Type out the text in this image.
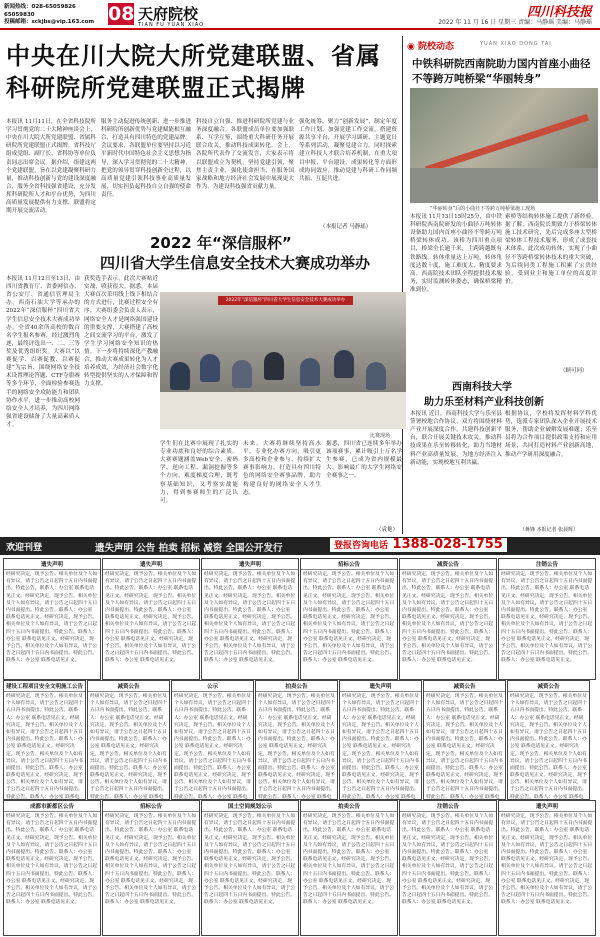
新闻热线：028-65059826 65059830
投稿邮箱：sckjbs@vip.163.com 08 天府院校
TIAN FU YUAN XIAO
四川科技报
2022 年 11 月 16 日 星期三 责编：马静瑶 美编：马静瑶
中央在川大院大所党建联盟、省属
科研院所党建联盟正式揭牌
本报讯 11月11日，在全省科技院所学习贯彻党的二十大精神座谈会上，中央在川大院大所党建联盟、省属科研院所党建联盟正式揭牌。省科技厅组成党组、副厅长、省科协等单位负责同志出席会议。据介绍，组建这两个党建联盟，旨在以党建凝聚科研力量，推动科技创新与党的建设深度融合，服务全省科技强省建设，充分发挥科研院所人才和平台优势，为四川高质量发展提供有力支撑，联盟将定期开展交流活动。
服务主动促进传统创新、进一步推进科研院所创新优势与党建赋能相互融合，打造具有四川特色的党建品牌。会议要求，各联盟单位要坚持以习近平新时代中国特色社会主义思想为指导，深入学习贯彻党的二十大精神，把党的领导贯穿科技创新全过程，以高质量党建引领科技事业高质量发展，切实担负起科技自立自强的使命责任。
科技自立自强、推进科研院所党建与业务深度融合。各联盟成员单位要加强联系、互学互鉴，围绕重大科研任务开展联合攻关，推动科技成果转化。会上，各院所代表作了交流发言，大家表示将以联盟成立为契机，坚持党建引领，聚焦主责主业，强化使命担当，在服务国家战略和地方经济社会发展中展现更大作为，为建设科技强省贡献力量。
强化统筹、聚力“创新发展”，制定年度工作计划，加强党建工作交流，搭建资源共享平台，开展学习调研、主题党日等系列活动，凝聚党建合力。同时探索建立科技人才联合培养机制，在重大项目申报、平台建设、成果转化等方面形成协同效应，推动党建与科研工作同频共振、互促共进。
（本报记者 马静瑶）
◉ 院校动态	YUAN XIAO DONG TAI
中铁科研院西南院助力国内首座小曲径不等跨万吨桥梁“华丽转身”
“华丽转身”后的小曲径不等跨万吨桥梁施工现场
本报讯 11月13日15时25分，由中铁科研院西南院研发的小曲径万吨转体设备助力国内首座小曲径不等跨万吨桥梁转体成功。该桥为四川重点项目，桥梁全长逾千米，主跨跨越既有铁路线。转体重量达上万吨，转体角度达数十度，施工难度大、精度要求高。西南院技术团队全程提供技术服务，实时监测转体姿态，确保桥梁精准到位。
索桥等结构转体施工提供了新经验。据了解，西南院长期致力于桥梁转体施工技术研究，先后完成多座大型桥梁转体工程技术服务，形成了成套技术体系。此次成功转体，实现了小曲径不等跨桥梁转体技术的重大突破，为后续同类工程施工积累了宝贵经验，受到业主和施工单位的高度评价。
（顾可同）
2022 年“深信服杯”
四川省大学生信息安全技术大赛成功举办
本报讯 11月12日至13日，由四川省教育厅、省委网信办、省公安厅、省通信管理局主办，西南石油大学等承办的2022年“深信服杯”四川省大学生信息安全技术大赛成功举办。全省40余所高校的数百名学生报名参赛，经过激烈角逐，最终评选出一、二、三等奖及优秀组织奖。大赛以“以赛促学、以赛促教、以赛促建”为宗旨，围绕网络安全技术设置理论答题、CTF夺旗赛等多个环节，全面检验参赛选手的网络安全攻防能力和团队协作水平，进一步推动高校网络安全人才培养，为四川网络强省建设储备了大量高素质人才。
获奖选手表示，此次大赛贴近实战，收获很大。据悉，本届大赛首次采用线上线下相结合的方式进行，比赛过程安全有序。大赛组委会负责人表示，网络安全人才是网络强国建设的重要支撑，大赛搭建了高校之间交流学习的平台，激发了学生学习网络安全知识的热情。下一步将持续深化产教融合，推动大赛成果转化为人才培养成效，为经济社会数字化转型提供坚实的人才保障和智力支撑。
2022年“深信服杯”四川省大学生信息安全技术大赛成功举办
比赛现场
学生们在比赛中展现了扎实的专业功底和良好的综合素质。大赛赛题涵盖Web安全、密码学、逆向工程、漏洞挖掘等多个方向，难度梯度合理，既考察基础知识，又考察实战能力，得到参赛师生的广泛认可。
未来，大赛将继续坚持高水平、专业化办赛方向，吸引更多高校和企业参与，持续扩大赛事影响力，打造具有四川特色的网络安全赛事品牌，助力构建良好的网络安全人才生态。
据悉，四川省已连续多年举办该项赛事，累计吸引上万名学生参赛，已成为省内规模最大、影响最广的大学生网络安全赛事之一。
（袁艳）
西南科技大学
助力乐至材料产业科技创新
本报讯 近日，西南科技大学与乐至县签署校地合作协议，双方将围绕材料产业开展深度合作，共建科技创新平台，联合开展关键技术攻关，推动科技成果在乐至转移转化，助力当地材料产业高质量发展，为地方经济注入新动能，实现校地互利共赢。
根据协议，学校将发挥材料学科优势，选派专家团队深入企业开展技术服务，帮助企业破解发展难题；乐至县将为合作项目提供政策支持和应用场景，共同打造材料产业创新高地，推动产学研用深度融合。
（蒋锋 本报记者 张晨辉）
欢迎刊登	遗失声明 公告 拍卖 招标 减资 全国公开发行	登报咨询电话 1388-028-1755
遗失声明
经研究决定，现予公告。相关单位及个人如有异议，请于公告之日起四十五日内书面提出。特此公告。联系人：办公室 联系电话见正文。经研究决定，现予公告。相关单位及个人如有异议，请于公告之日起四十五日内书面提出。特此公告。联系人：办公室 联系电话见正文。经研究决定，现予公告。相关单位及个人如有异议，请于公告之日起四十五日内书面提出。特此公告。联系人：办公室 联系电话见正文。经研究决定，现予公告。相关单位及个人如有异议，请于公告之日起四十五日内书面提出。特此公告。联系人：办公室 联系电话见正文。
遗失声明
经研究决定，现予公告。相关单位及个人如有异议，请于公告之日起四十五日内书面提出。特此公告。联系人：办公室 联系电话见正文。经研究决定，现予公告。相关单位及个人如有异议，请于公告之日起四十五日内书面提出。特此公告。联系人：办公室 联系电话见正文。经研究决定，现予公告。相关单位及个人如有异议，请于公告之日起四十五日内书面提出。特此公告。联系人：办公室 联系电话见正文。经研究决定，现予公告。相关单位及个人如有异议，请于公告之日起四十五日内书面提出。特此公告。联系人：办公室 联系电话见正文。
遗失声明
经研究决定，现予公告。相关单位及个人如有异议，请于公告之日起四十五日内书面提出。特此公告。联系人：办公室 联系电话见正文。经研究决定，现予公告。相关单位及个人如有异议，请于公告之日起四十五日内书面提出。特此公告。联系人：办公室 联系电话见正文。经研究决定，现予公告。相关单位及个人如有异议，请于公告之日起四十五日内书面提出。特此公告。联系人：办公室 联系电话见正文。经研究决定，现予公告。相关单位及个人如有异议，请于公告之日起四十五日内书面提出。特此公告。联系人：办公室 联系电话见正文。
招标公告
经研究决定，现予公告。相关单位及个人如有异议，请于公告之日起四十五日内书面提出。特此公告。联系人：办公室 联系电话见正文。经研究决定，现予公告。相关单位及个人如有异议，请于公告之日起四十五日内书面提出。特此公告。联系人：办公室 联系电话见正文。经研究决定，现予公告。相关单位及个人如有异议，请于公告之日起四十五日内书面提出。特此公告。联系人：办公室 联系电话见正文。经研究决定，现予公告。相关单位及个人如有异议，请于公告之日起四十五日内书面提出。特此公告。联系人：办公室 联系电话见正文。
减资公告
经研究决定，现予公告。相关单位及个人如有异议，请于公告之日起四十五日内书面提出。特此公告。联系人：办公室 联系电话见正文。经研究决定，现予公告。相关单位及个人如有异议，请于公告之日起四十五日内书面提出。特此公告。联系人：办公室 联系电话见正文。经研究决定，现予公告。相关单位及个人如有异议，请于公告之日起四十五日内书面提出。特此公告。联系人：办公室 联系电话见正文。经研究决定，现予公告。相关单位及个人如有异议，请于公告之日起四十五日内书面提出。特此公告。联系人：办公室 联系电话见正文。
注销公告
经研究决定，现予公告。相关单位及个人如有异议，请于公告之日起四十五日内书面提出。特此公告。联系人：办公室 联系电话见正文。经研究决定，现予公告。相关单位及个人如有异议，请于公告之日起四十五日内书面提出。特此公告。联系人：办公室 联系电话见正文。经研究决定，现予公告。相关单位及个人如有异议，请于公告之日起四十五日内书面提出。特此公告。联系人：办公室 联系电话见正文。经研究决定，现予公告。相关单位及个人如有异议，请于公告之日起四十五日内书面提出。特此公告。联系人：办公室 联系电话见正文。
建设工程项目安全文明施工公告
经研究决定，现予公告。相关单位及个人如有异议，请于公告之日起四十五日内书面提出。特此公告。联系人：办公室 联系电话见正文。经研究决定，现予公告。相关单位及个人如有异议，请于公告之日起四十五日内书面提出。特此公告。联系人：办公室 联系电话见正文。经研究决定，现予公告。相关单位及个人如有异议，请于公告之日起四十五日内书面提出。特此公告。联系人：办公室 联系电话见正文。经研究决定，现予公告。相关单位及个人如有异议，请于公告之日起四十五日内书面提出。特此公告。联系人：办公室 联系电
减资公告
经研究决定，现予公告。相关单位及个人如有异议，请于公告之日起四十五日内书面提出。特此公告。联系人：办公室 联系电话见正文。经研究决定，现予公告。相关单位及个人如有异议，请于公告之日起四十五日内书面提出。特此公告。联系人：办公室 联系电话见正文。经研究决定，现予公告。相关单位及个人如有异议，请于公告之日起四十五日内书面提出。特此公告。联系人：办公室 联系电话见正文。经研究决定，现予公告。相关单位及个人如有异议，请于公告之日起四十五日内书面提出。特此公告。联系人：办公室 联系电
公示
经研究决定，现予公告。相关单位及个人如有异议，请于公告之日起四十五日内书面提出。特此公告。联系人：办公室 联系电话见正文。经研究决定，现予公告。相关单位及个人如有异议，请于公告之日起四十五日内书面提出。特此公告。联系人：办公室 联系电话见正文。经研究决定，现予公告。相关单位及个人如有异议，请于公告之日起四十五日内书面提出。特此公告。联系人：办公室 联系电话见正文。经研究决定，现予公告。相关单位及个人如有异议，请于公告之日起四十五日内书面提出。特此公告。联系人：办公室 联系电
拍卖公告
经研究决定，现予公告。相关单位及个人如有异议，请于公告之日起四十五日内书面提出。特此公告。联系人：办公室 联系电话见正文。经研究决定，现予公告。相关单位及个人如有异议，请于公告之日起四十五日内书面提出。特此公告。联系人：办公室 联系电话见正文。经研究决定，现予公告。相关单位及个人如有异议，请于公告之日起四十五日内书面提出。特此公告。联系人：办公室 联系电话见正文。经研究决定，现予公告。相关单位及个人如有异议，请于公告之日起四十五日内书面提出。特此公告。联系人：办公室 联系电
遗失声明
经研究决定，现予公告。相关单位及个人如有异议，请于公告之日起四十五日内书面提出。特此公告。联系人：办公室 联系电话见正文。经研究决定，现予公告。相关单位及个人如有异议，请于公告之日起四十五日内书面提出。特此公告。联系人：办公室 联系电话见正文。经研究决定，现予公告。相关单位及个人如有异议，请于公告之日起四十五日内书面提出。特此公告。联系人：办公室 联系电话见正文。经研究决定，现予公告。相关单位及个人如有异议，请于公告之日起四十五日内书面提出。特此公告。联系人：办公室 联系电
减资公告
经研究决定，现予公告。相关单位及个人如有异议，请于公告之日起四十五日内书面提出。特此公告。联系人：办公室 联系电话见正文。经研究决定，现予公告。相关单位及个人如有异议，请于公告之日起四十五日内书面提出。特此公告。联系人：办公室 联系电话见正文。经研究决定，现予公告。相关单位及个人如有异议，请于公告之日起四十五日内书面提出。特此公告。联系人：办公室 联系电话见正文。经研究决定，现予公告。相关单位及个人如有异议，请于公告之日起四十五日内书面提出。特此公告。联系人：办公室 联系电
减资公告
经研究决定，现予公告。相关单位及个人如有异议，请于公告之日起四十五日内书面提出。特此公告。联系人：办公室 联系电话见正文。经研究决定，现予公告。相关单位及个人如有异议，请于公告之日起四十五日内书面提出。特此公告。联系人：办公室 联系电话见正文。经研究决定，现予公告。相关单位及个人如有异议，请于公告之日起四十五日内书面提出。特此公告。联系人：办公室 联系电话见正文。经研究决定，现予公告。相关单位及个人如有异议，请于公告之日起四十五日内书面提出。特此公告。联系人：办公室 联系电
成都市新都区公告
经研究决定，现予公告。相关单位及个人如有异议，请于公告之日起四十五日内书面提出。特此公告。联系人：办公室 联系电话见正文。经研究决定，现予公告。相关单位及个人如有异议，请于公告之日起四十五日内书面提出。特此公告。联系人：办公室 联系电话见正文。经研究决定，现予公告。相关单位及个人如有异议，请于公告之日起四十五日内书面提出。特此公告。联系人：办公室 联系电话见正文。经研究决定，现予公告。相关单位及个人如有异议，请于公告之日起四十五日内书面提出。特此公告。联系人：办公室 联系电话见正文。
招标公告
经研究决定，现予公告。相关单位及个人如有异议，请于公告之日起四十五日内书面提出。特此公告。联系人：办公室 联系电话见正文。经研究决定，现予公告。相关单位及个人如有异议，请于公告之日起四十五日内书面提出。特此公告。联系人：办公室 联系电话见正文。经研究决定，现予公告。相关单位及个人如有异议，请于公告之日起四十五日内书面提出。特此公告。联系人：办公室 联系电话见正文。经研究决定，现予公告。相关单位及个人如有异议，请于公告之日起四十五日内书面提出。特此公告。联系人：办公室 联系电话见正文。
国土空间规划公示
经研究决定，现予公告。相关单位及个人如有异议，请于公告之日起四十五日内书面提出。特此公告。联系人：办公室 联系电话见正文。经研究决定，现予公告。相关单位及个人如有异议，请于公告之日起四十五日内书面提出。特此公告。联系人：办公室 联系电话见正文。经研究决定，现予公告。相关单位及个人如有异议，请于公告之日起四十五日内书面提出。特此公告。联系人：办公室 联系电话见正文。经研究决定，现予公告。相关单位及个人如有异议，请于公告之日起四十五日内书面提出。特此公告。联系人：办公室 联系电话见正文。
拍卖公告
经研究决定，现予公告。相关单位及个人如有异议，请于公告之日起四十五日内书面提出。特此公告。联系人：办公室 联系电话见正文。经研究决定，现予公告。相关单位及个人如有异议，请于公告之日起四十五日内书面提出。特此公告。联系人：办公室 联系电话见正文。经研究决定，现予公告。相关单位及个人如有异议，请于公告之日起四十五日内书面提出。特此公告。联系人：办公室 联系电话见正文。经研究决定，现予公告。相关单位及个人如有异议，请于公告之日起四十五日内书面提出。特此公告。联系人：办公室 联系电话见正文。
注销公告
经研究决定，现予公告。相关单位及个人如有异议，请于公告之日起四十五日内书面提出。特此公告。联系人：办公室 联系电话见正文。经研究决定，现予公告。相关单位及个人如有异议，请于公告之日起四十五日内书面提出。特此公告。联系人：办公室 联系电话见正文。经研究决定，现予公告。相关单位及个人如有异议，请于公告之日起四十五日内书面提出。特此公告。联系人：办公室 联系电话见正文。经研究决定，现予公告。相关单位及个人如有异议，请于公告之日起四十五日内书面提出。特此公告。联系人：办公室 联系电话见正文。
遗失声明
经研究决定，现予公告。相关单位及个人如有异议，请于公告之日起四十五日内书面提出。特此公告。联系人：办公室 联系电话见正文。经研究决定，现予公告。相关单位及个人如有异议，请于公告之日起四十五日内书面提出。特此公告。联系人：办公室 联系电话见正文。经研究决定，现予公告。相关单位及个人如有异议，请于公告之日起四十五日内书面提出。特此公告。联系人：办公室 联系电话见正文。经研究决定，现予公告。相关单位及个人如有异议，请于公告之日起四十五日内书面提出。特此公告。联系人：办公室 联系电话见正文。
